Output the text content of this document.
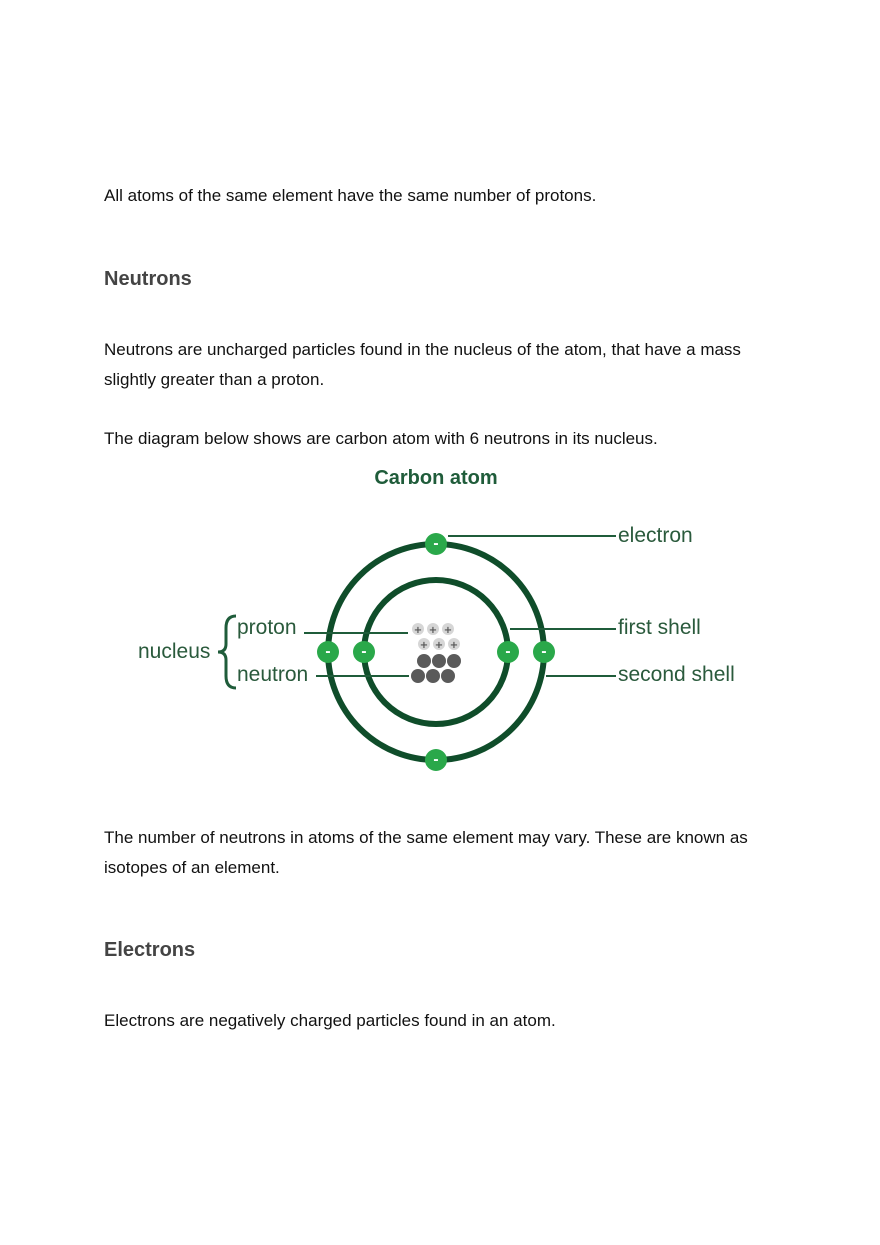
All atoms of the same element have the same number of protons.

Neutrons

Neutrons are uncharged particles found in the nucleus of the atom, that have a mass slightly greater than a proton.

The diagram below shows are carbon atom with 6 neutrons in its nucleus.

Carbon atom
+ + +
+ + +
-
-
-	-
-	-
electron
first shell
second shell
nucleus
proton
neutron

The number of neutrons in atoms of the same element may vary. These are known as isotopes of an element.

Electrons

Electrons are negatively charged particles found in an atom.
